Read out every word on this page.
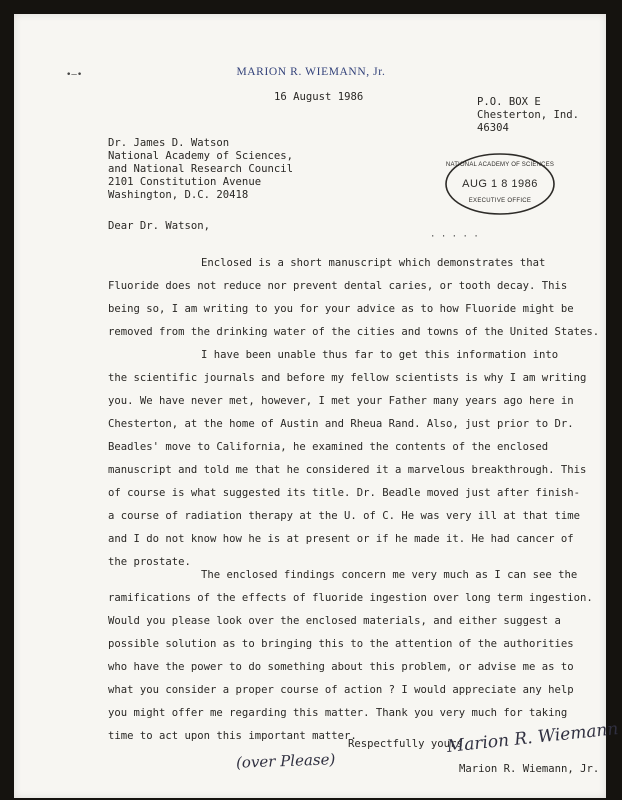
•—•	MARION R. WIEMANN, Jr.
16 August 1986	P.O. BOX E
Chesterton, Ind.
46304
Dr. James D. Watson
National Academy of Sciences,
and National Research Council
2101 Constitution Avenue
Washington, D.C. 20418
NATIONAL ACADEMY OF SCIENCES
AUG 1 8 1986
EXECUTIVE OFFICE
· · · · ·
Dear Dr. Watson,
Enclosed is a short manuscript which demonstrates that
Fluoride does not reduce nor prevent dental caries, or tooth decay. This
being so, I am writing to you for your advice as to how Fluoride might be
removed from the drinking water of the cities and towns of the United States.
I have been unable thus far to get this information into
the scientific journals and before my fellow scientists is why I am writing
you. We have never met, however, I met your Father many years ago here in
Chesterton, at the home of Austin and Rheua Rand. Also, just prior to Dr.
Beadles' move to California, he examined the contents of the enclosed
manuscript and told me that he considered it a marvelous breakthrough. This
of course is what suggested its title. Dr. Beadle moved just after finish-
a course of radiation therapy at the U. of C. He was very ill at that time
and I do not know how he is at present or if he made it. He had cancer of
the prostate.
The enclosed findings concern me very much as I can see the
ramifications of the effects of fluoride ingestion over long term ingestion.
Would you please look over the enclosed materials, and either suggest a
possible solution as to bringing this to the attention of the authorities
who have the power to do something about this problem, or advise me as to
what you consider a proper course of action ? I would appreciate any help
you might offer me regarding this matter. Thank you very much for taking
time to act upon this important matter.
Respectfully yours,
Marion R. Wiemann
Marion R. Wiemann, Jr.
(over Please)
